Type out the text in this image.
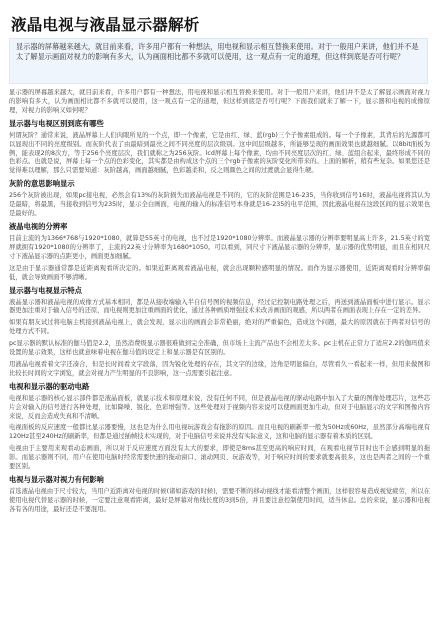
液晶电视与液晶显示器解析
显示器的屏幕越来越大，就目前来看，许多用户都有一种想法，用电视和显示相互替换来使用。对于一般用户来讲，他们并不是太了解显示画面对视力的影响有多大，认为画面相比都不多就可以使用，这一观点有一定的道理，但这样到底是否可行呢？
显示器的屏幕越来越大，就目前来看，许多用户都有一种想法，用电视和显示相互替换来使用。对于一般用户来讲，他们并不是太了解显示画面对视力的影响有多大，认为画面相比都不多就可以使用，这一观点有一定的道理，但这样到底是否可行呢？下面我们就来了解一下，显示器和电视的成像原理，对视力的影响又如何呢？
显示器与电视区别到底有哪些
何谓灰阶？通常来说，液晶屏幕上人们肉眼所见的一个点，即一个像素，它是由红、绿、蓝(rgb)三个子像素组成的。每一个子像素，其背后的光源都可以显现出不同的亮度级别。而灰阶代表了由最暗到最亮之间不同亮度的层次级别。这中间层级越多，所能够呈现的画面效果也就越细腻。以8bit面板为例，能表现2的8次方，等于256个亮度层次，我们就称之为256灰阶。lcd屏幕上每个像素，均由不同亮度层次的红、绿、蓝组合起来，最终形成不同的色彩点。也就是说，屏幕上每一个点的色彩变化，其实都是由构成这个点的三个rgb子像素的灰阶变化所带来的。上面的解析，稍有些复杂。如果您还是觉得难以理解，那么只需要知道：灰阶越高，画面越细腻，色彩越柔和，反之则颜色之间的过渡就会显得生硬。
灰阶的意思影响显示
256个灰阶被出现，如果pc接电视，必然会有13%的灰阶损失而液晶电视是不同的，它的灰阶范围是16-235，当你收到信号16时，液晶电视将其认为是最暗，将最黑，当接收到信号为235时，显示全白画面，电视的输入的标准信号本身就是16-235的电平范围，因此液晶电视在这段区间的显示效果也是最好的。
液晶电视的分辨率
目前主流的为1366*768与1920*1080，就算是55英寸的电视，也不过是1920*1080分辨率。而液晶显示器的分辨率要明显高上许多，21.5英寸的宽屏就拥有1920*1080的分辨率了，主流的22英寸分辨率为1680*1050。可以看到，同尺寸下液晶显示器的分辨率，显示器的优势明显，而且在相同尺寸下液晶显示器的点距更小，画面更加细腻。
这是由于显示器通常都是近距离观看所决定的。如果近距离观看液晶电视，就会出现颗粒感明显的情况。而作为显示器使用，近距离观看时分辨率偏低，就会导致画面不够清晰。
显示器与电视显示特点
液晶显示器和液晶电视的成像方式基本相同，都是从接收端输入半自信号图的视频信息，经过记控制电路处理之后，再送到液晶面板中进行显示。显示器更加注重对于输入信号的还原，而电视则更加注重画面的优化，通过各种画质增强技术来改善画面的观感，所以两者在画面表现上存在一定的差异。
如果有朋友试过将电脑主机接到液晶电视上，就会发现，显示出的画面会非常艳丽，绝对的严重偏色，造成这个问题，最大的原因就在于两者对信号的处理方式不同。
pc显示器的默认标准的伽马值是2.2，虽然消费级显示器很难做到完全准确，但市场上主流产品也不会相差太多。pc主机在正常力了适应2.2的伽玛值来设置的显示效果，这样也就意味着电视在伽马值的设定上和显示器是有区别的。
用液晶电视看着文字还凑合，但是长时间看文字段落，因为锐化处理的存在，其文字的边缘，边角是明显偏白，尽管看久一看起来一样，但用来做图和比较长时间的文字浏览，就会对视力产生明显的不良影响，这一点需要引起注意。
电视和显示器的驱动电路
电视和显示器的核心显示部件都是液晶面板，就显示技术和原理来说，没有任何不同，但是液晶电视的驱动电路中加入了大量的图像处理芯片，这些芯片会对输入的信号进行各种处理，比如降噪、锐化、色彩增强等。这些处理对于视频内容来说可以使画面更加生动，但对于电脑显示的文字和图像内容来说，反而会造成失真和不清晰。
电视面板的反应速度一般都比显示器要慢，这也是为什么用电视玩游戏会有拖影的原因。而且电视的刷新率一般为50Hz或60Hz，虽然部分高端电视有120Hz甚至240Hz的刷新率，但都是通过插帧技术实现的，对于电脑信号来说并没有实际意义，这和电脑的显示器有着本质的区别。
电视由于主要用来观看动态画面，所以对于反应速度方面没有太大的要求，即使是8ms甚至更高的响应时间，在观看电视节目时也不会感到明显的拖影。而显示器则不同，用户在使用电脑时经常需要快速的拖动窗口、滚动网页、玩游戏等，对于响应时间的要求就要高很多，这也是两者之间的一个重要区别。
电视与显示器对视力有何影响
首选液晶电视由于尺寸较大，当用户近距离对电视的时候(诸如游戏的时候)，需要不断的移动视线才能看清整个画面，这样很容易造成视觉疲劳，所以在使用电视代替显示器的时候，一定要注意观看距离，最好是屏幕对角线长度的3到5倍，并且要注意控制使用时间，适当休息。总的来说，显示器和电视各有各的用途，最好还是不要混用。
